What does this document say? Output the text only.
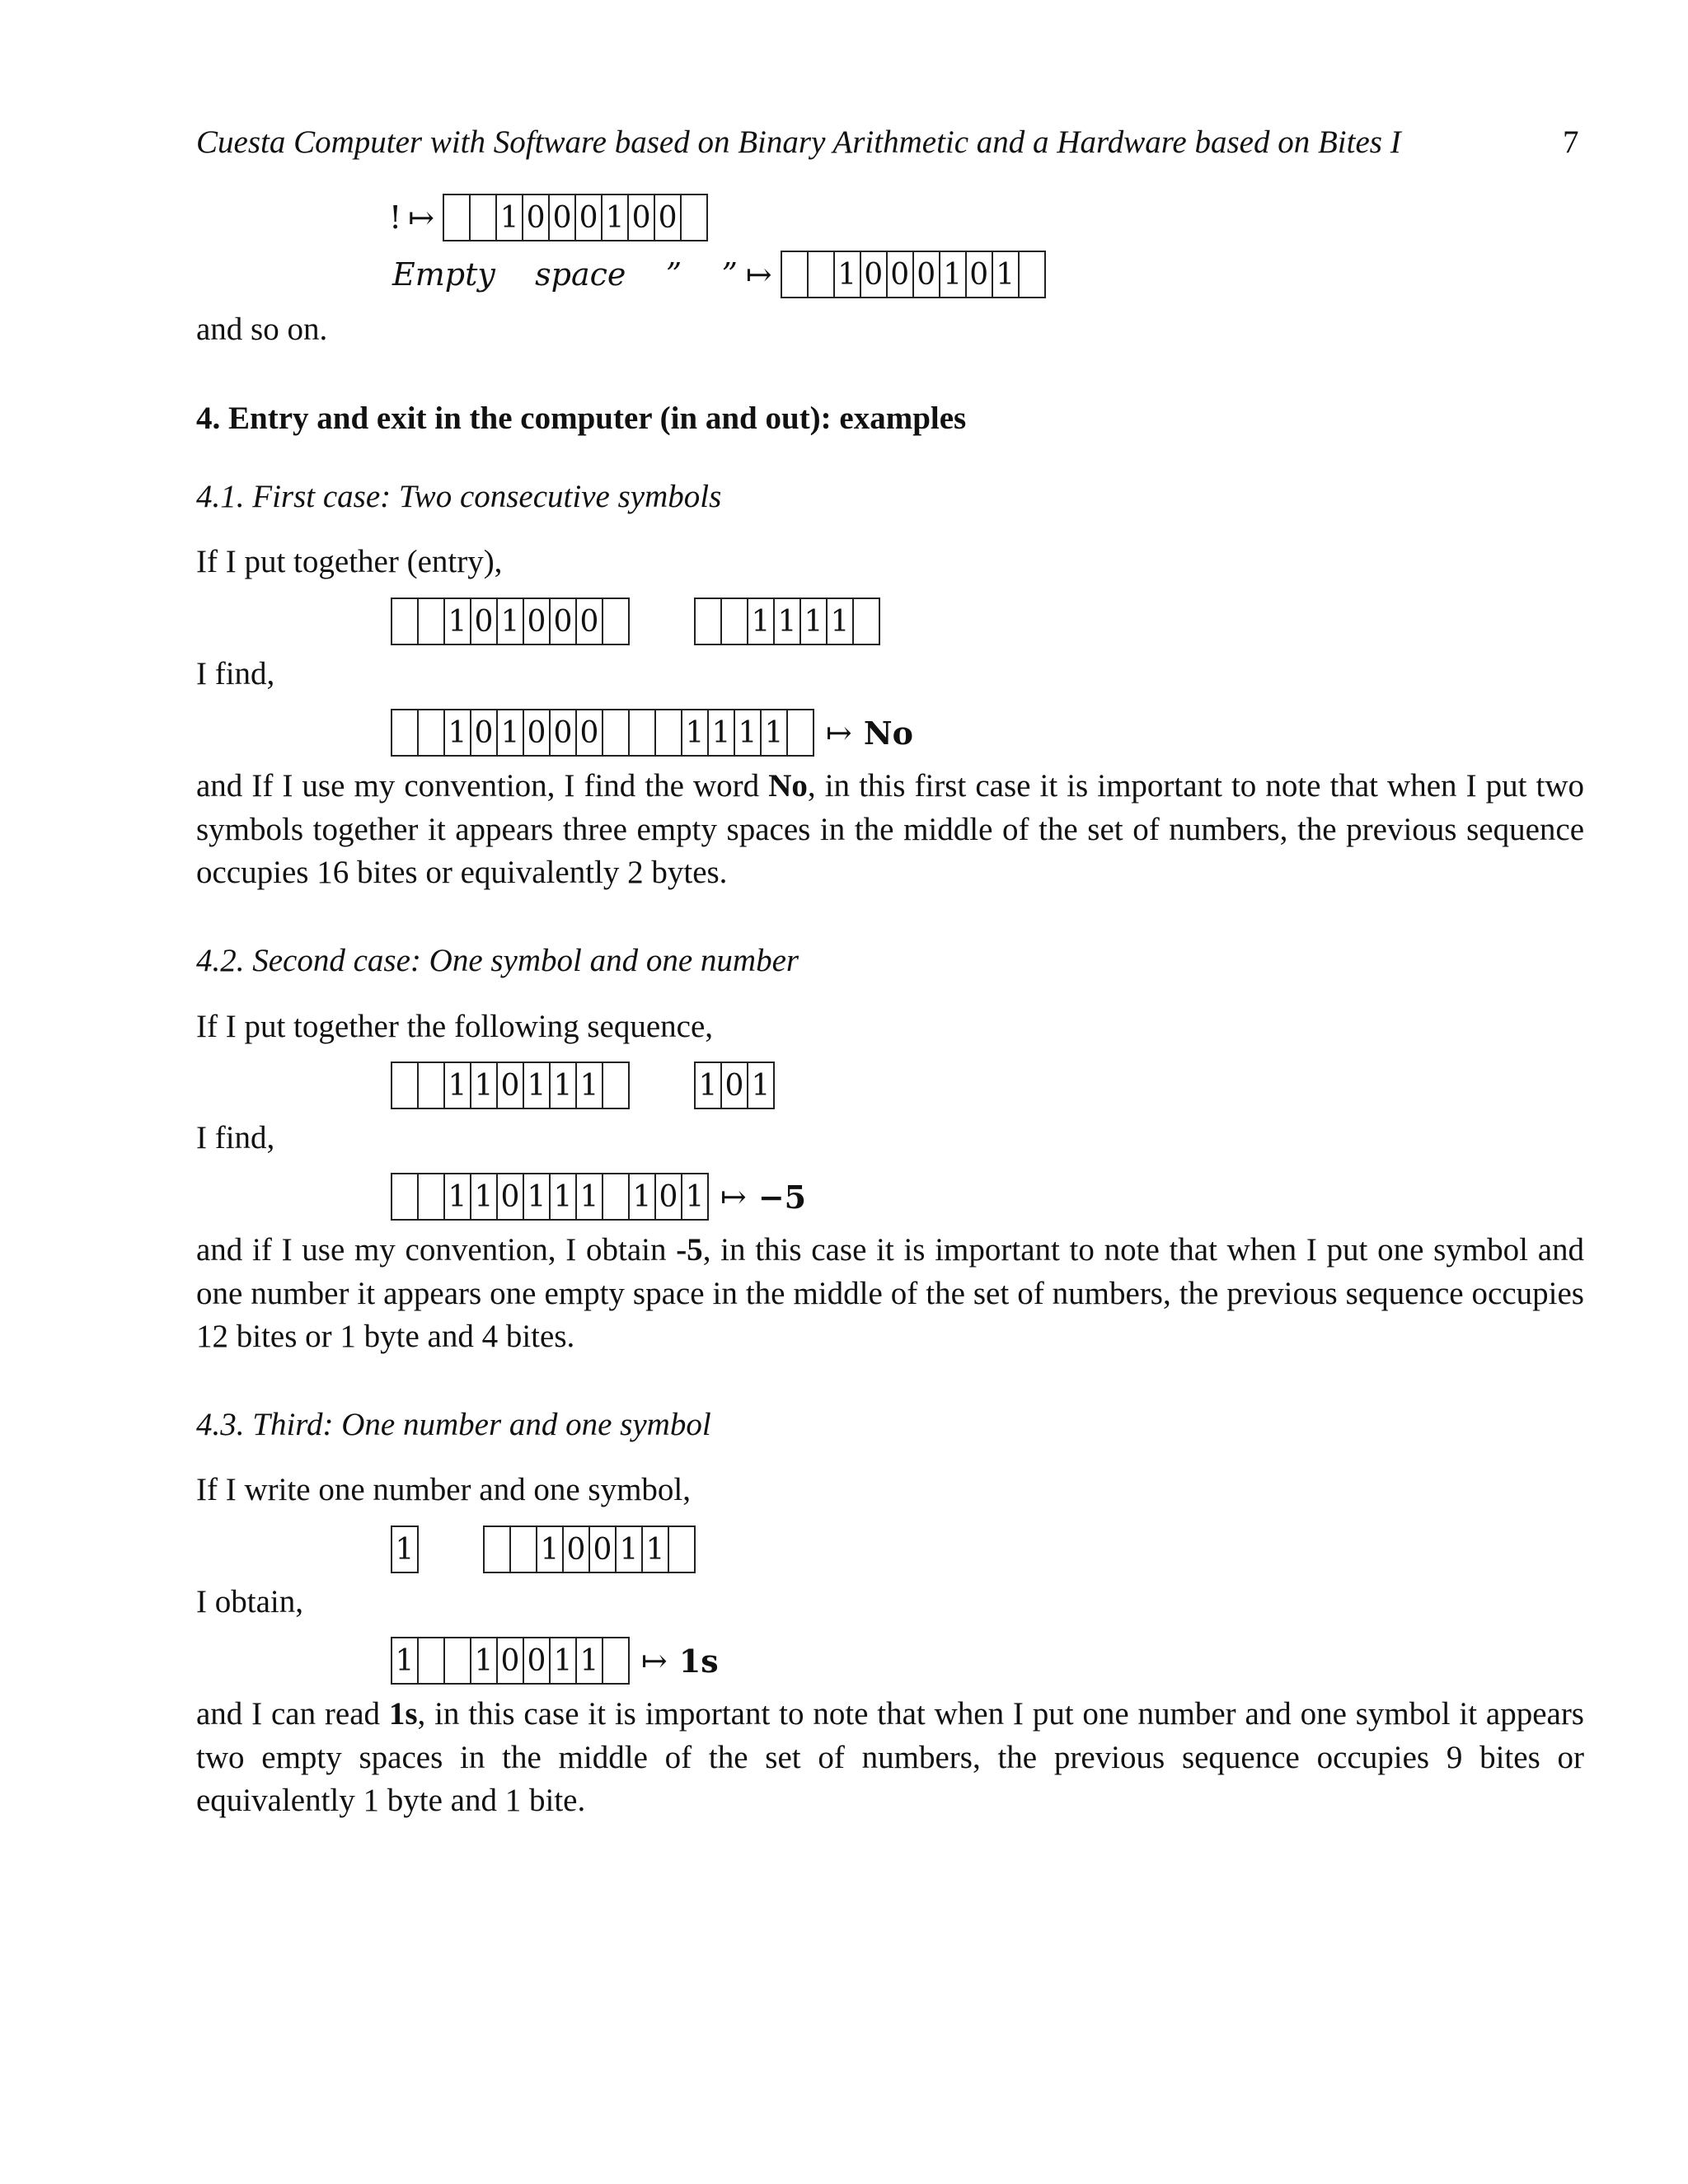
Cuesta Computer with Software based on Binary Arithmetic and a Hardware based on Bites I	7
! ↦ 1 0 0 0 1 0 0
Empty    space    ”    ” ↦ 1 0 0 0 1 0 1
and so on.
4. Entry and exit in the computer (in and out): examples
4.1. First case: Two consecutive symbols
If I put together (entry),
1 0 1 0 0 0	1 1 1 1
I find,
1 0 1 0 0 0	1 1 1 1 ↦ No
and If I use my convention, I find the word No, in this first case it is important to note that when I put two symbols together it appears three empty spaces in the middle of the set of numbers, the previous sequence occupies 16 bites or equivalently 2 bytes.
4.2. Second case: One symbol and one number
If I put together the following sequence,
1 1 0 1 1 1	1 0 1
I find,
1 1 0 1 1 1 1 0 1 ↦ −5
and if I use my convention, I obtain -5, in this case it is important to note that when I put one symbol and one number it appears one empty space in the middle of the set of numbers, the previous sequence occupies 12 bites or 1 byte and 4 bites.
4.3. Third: One number and one symbol
If I write one number and one symbol,
1	1 0 0 1 1
I obtain,
1 1 0 0 1 1 ↦ 1s
and I can read 1s, in this case it is important to note that when I put one number and one symbol it appears two empty spaces in the middle of the set of numbers, the previous sequence occupies 9 bites or equivalently 1 byte and 1 bite.
